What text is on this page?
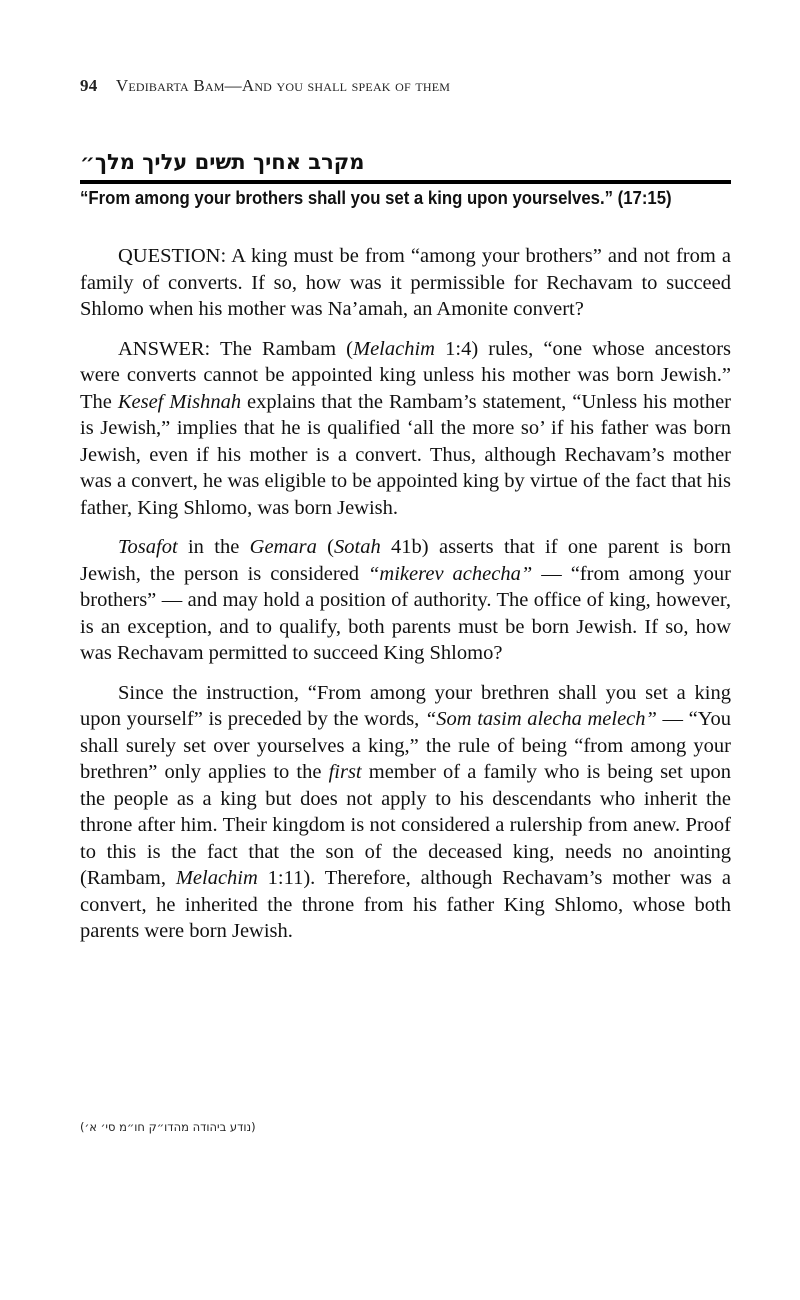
94 Vedibarta Bam—And you shall speak of them
מקרב אחיך תשים עליך מלך״
“From among your brothers shall you set a king upon yourselves.” (17:15)

QUESTION: A king must be from “among your brothers” and not from a family of converts. If so, how was it permissible for Rechavam to succeed Shlomo when his mother was Na’amah, an Amonite convert?

ANSWER: The Rambam (Melachim 1:4) rules, “one whose ancestors were converts cannot be appointed king unless his mother was born Jewish.” The Kesef Mishnah explains that the Rambam’s statement, “Unless his mother is Jewish,” implies that he is qualified ‘all the more so’ if his father was born Jewish, even if his mother is a convert. Thus, although Rechavam’s mother was a convert, he was eligible to be appointed king by virtue of the fact that his father, King Shlomo, was born Jewish.

Tosafot in the Gemara (Sotah 41b) asserts that if one parent is born Jewish, the person is considered “mikerev achecha” — “from among your brothers” — and may hold a position of authority. The office of king, however, is an exception, and to qualify, both parents must be born Jewish. If so, how was Rechavam permitted to succeed King Shlomo?

Since the instruction, “From among your brethren shall you set a king upon yourself” is preceded by the words, “Som tasim alecha melech” — “You shall surely set over yourselves a king,” the rule of being “from among your brethren” only applies to the first member of a family who is being set upon the people as a king but does not apply to his descendants who inherit the throne after him. Their kingdom is not considered a rulership from anew. Proof to this is the fact that the son of the deceased king, needs no anointing (Rambam, Melachim 1:11). Therefore, although Rechavam’s mother was a convert, he inherited the throne from his father King Shlomo, whose both parents were born Jewish.

(נודע ביהודה מהדו״ק חו״מ סי׳ א׳)
